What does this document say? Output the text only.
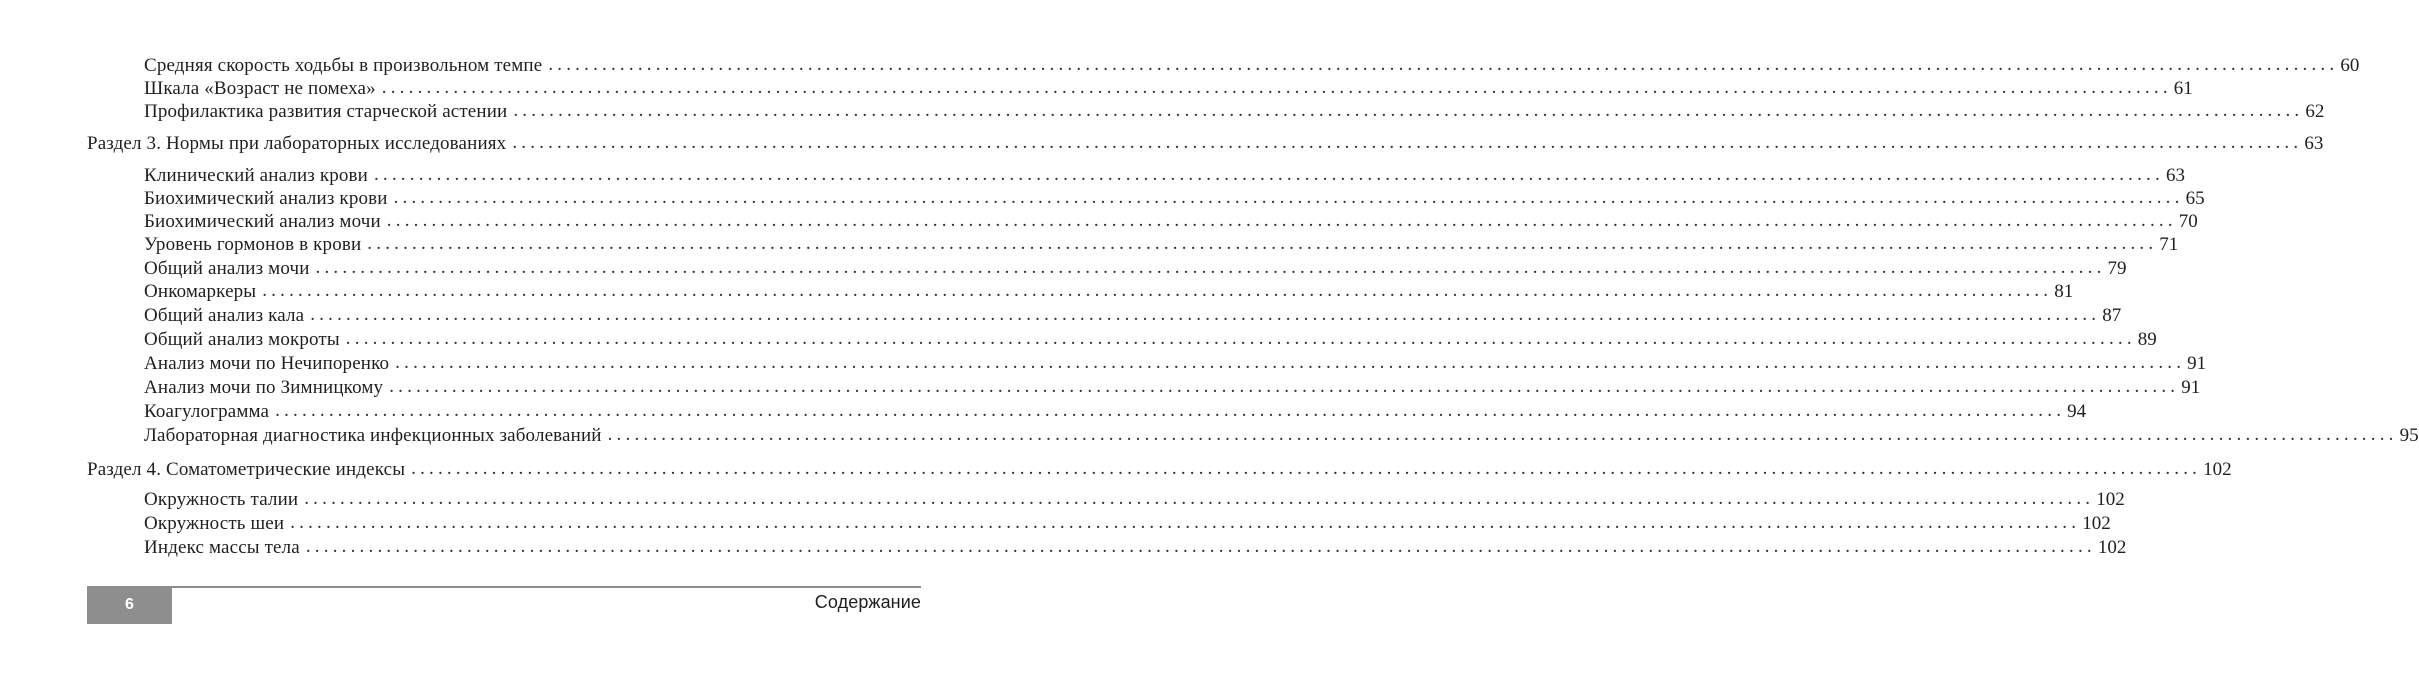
Средняя скорость ходьбы в произвольном темпе ........................................................................................................................................................................................................ 60
Шкала «Возраст не помеха» ........................................................................................................................................................................................................ 61
Профилактика развития старческой астении ........................................................................................................................................................................................................ 62
Раздел 3. Нормы при лабораторных исследованиях ........................................................................................................................................................................................................ 63
Клинический анализ крови ........................................................................................................................................................................................................ 63
Биохимический анализ крови ........................................................................................................................................................................................................ 65
Биохимический анализ мочи ........................................................................................................................................................................................................ 70
Уровень гормонов в крови ........................................................................................................................................................................................................ 71
Общий анализ мочи ........................................................................................................................................................................................................ 79
Онкомаркеры ........................................................................................................................................................................................................ 81
Общий анализ кала ........................................................................................................................................................................................................ 87
Общий анализ мокроты ........................................................................................................................................................................................................ 89
Анализ мочи по Нечипоренко ........................................................................................................................................................................................................ 91
Анализ мочи по Зимницкому ........................................................................................................................................................................................................ 91
Коагулограмма ........................................................................................................................................................................................................ 94
Лабораторная диагностика инфекционных заболеваний ........................................................................................................................................................................................................ 95
Раздел 4. Соматометрические индексы ........................................................................................................................................................................................................ 102
Окружность талии ........................................................................................................................................................................................................ 102
Окружность шеи ........................................................................................................................................................................................................ 102
Индекс массы тела ........................................................................................................................................................................................................ 102
6	Содержание
